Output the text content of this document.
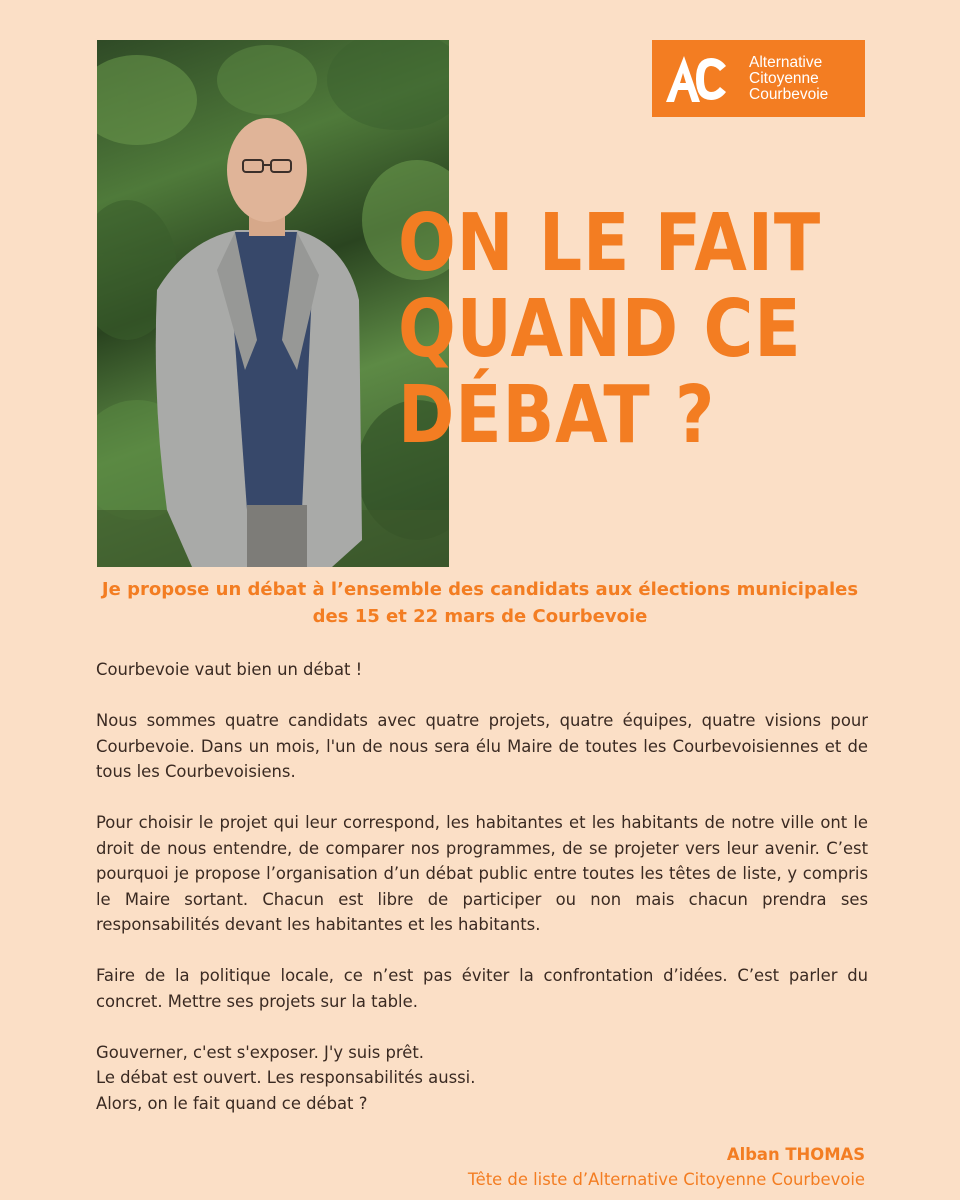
Alternative
Citoyenne
Courbevoie
ON LE FAIT
QUAND CE
DÉBAT ?
Je propose un débat à l’ensemble des candidats aux élections municipales
des 15 et 22 mars de Courbevoie

Courbevoie vaut bien un débat !

Nous sommes quatre candidats avec quatre projets, quatre équipes, quatre visions pour Courbevoie. Dans un mois, l'un de nous sera élu Maire de toutes les Courbevoisiennes et de tous les Courbevoisiens.

Pour choisir le projet qui leur correspond, les habitantes et les habitants de notre ville ont le droit de nous entendre, de comparer nos programmes, de se projeter vers leur avenir. C’est pourquoi je propose l’organisation d’un débat public entre toutes les têtes de liste, y compris le Maire sortant. Chacun est libre de participer ou non mais chacun prendra ses responsabilités devant les habitantes et les habitants.

Faire de la politique locale, ce n’est pas éviter la confrontation d’idées. C’est parler du concret. Mettre ses projets sur la table.

Gouverner, c'est s'exposer. J'y suis prêt.
Le débat est ouvert. Les responsabilités aussi.
Alors, on le fait quand ce débat ?

Alban THOMAS
Tête de liste d’Alternative Citoyenne Courbevoie
